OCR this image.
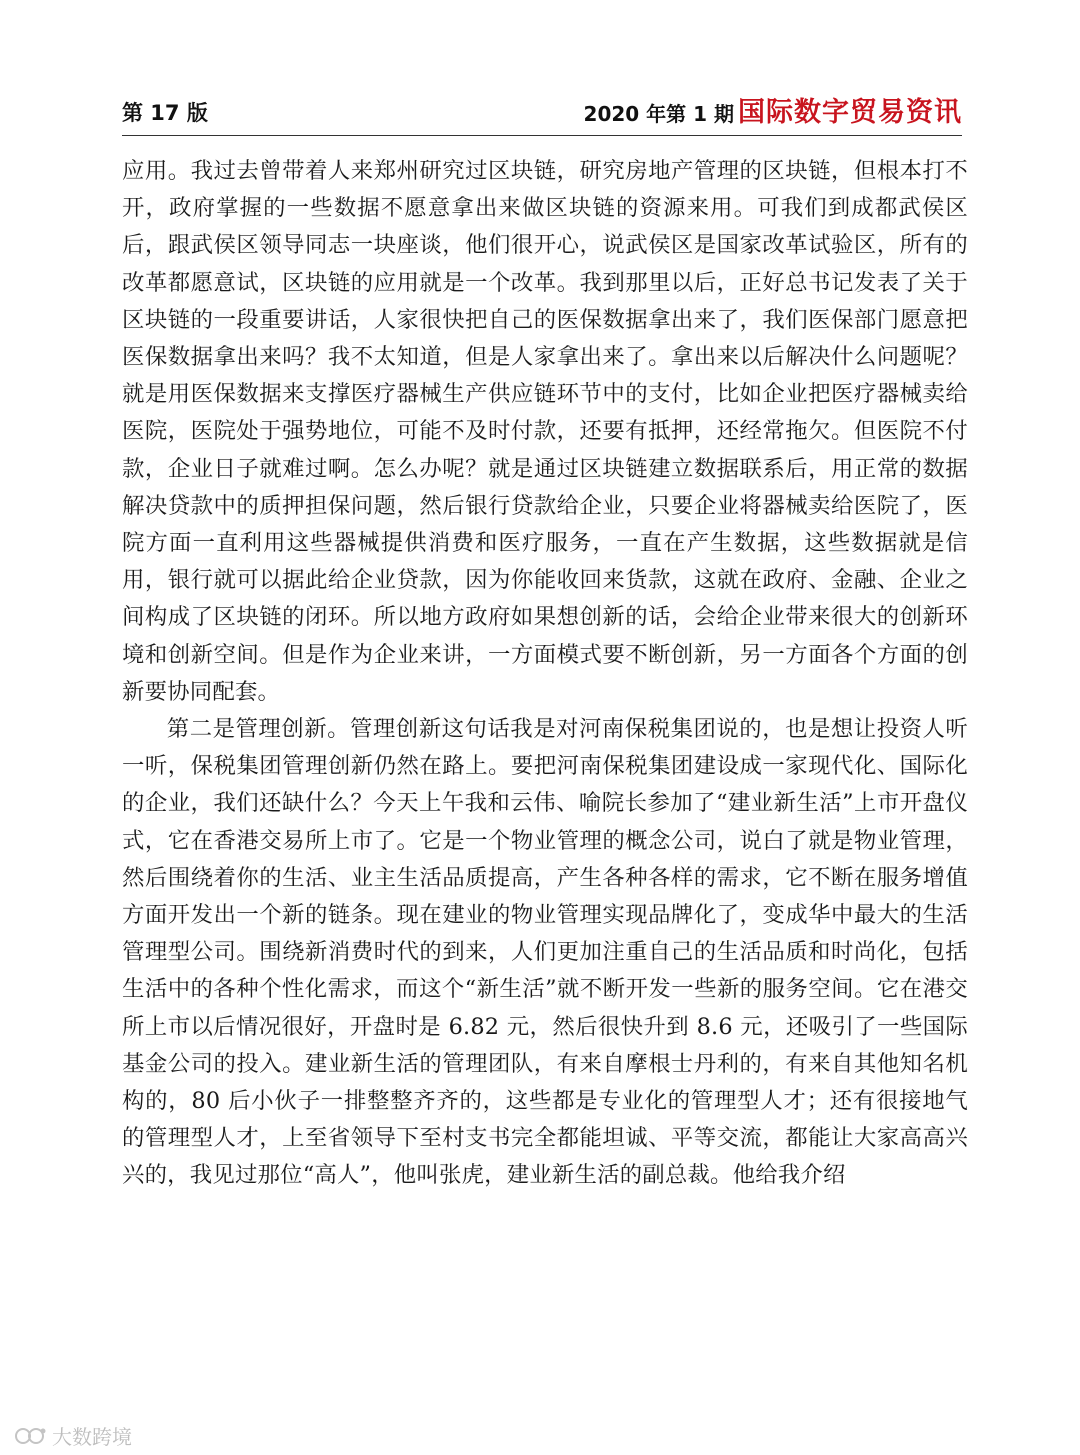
第 17 版	2020 年第 1 期 国际数字贸易资讯

应用。我过去曾带着人来郑州研究过区块链，研究房地产管理的区块链，但根本打不开，政府掌握的一些数据不愿意拿出来做区块链的资源来用。可我们到成都武侯区后，跟武侯区领导同志一块座谈，他们很开心，说武侯区是国家改革试验区，所有的改革都愿意试，区块链的应用就是一个改革。我到那里以后，正好总书记发表了关于区块链的一段重要讲话，人家很快把自己的医保数据拿出来了，我们医保部门愿意把医保数据拿出来吗？我不太知道，但是人家拿出来了。拿出来以后解决什么问题呢？就是用医保数据来支撑医疗器械生产供应链环节中的支付，比如企业把医疗器械卖给医院，医院处于强势地位，可能不及时付款，还要有抵押，还经常拖欠。但医院不付款，企业日子就难过啊。怎么办呢？就是通过区块链建立数据联系后，用正常的数据解决贷款中的质押担保问题，然后银行贷款给企业，只要企业将器械卖给医院了，医院方面一直利用这些器械提供消费和医疗服务，一直在产生数据，这些数据就是信用，银行就可以据此给企业贷款，因为你能收回来货款，这就在政府、金融、企业之间构成了区块链的闭环。所以地方政府如果想创新的话，会给企业带来很大的创新环境和创新空间。但是作为企业来讲，一方面模式要不断创新，另一方面各个方面的创新要协同配套。

第二是管理创新。管理创新这句话我是对河南保税集团说的，也是想让投资人听一听，保税集团管理创新仍然在路上。要把河南保税集团建设成一家现代化、国际化的企业，我们还缺什么？今天上午我和云伟、喻院长参加了“建业新生活”上市开盘仪式，它在香港交易所上市了。它是一个物业管理的概念公司，说白了就是物业管理，然后围绕着你的生活、业主生活品质提高，产生各种各样的需求，它不断在服务增值方面开发出一个新的链条。现在建业的物业管理实现品牌化了，变成华中最大的生活管理型公司。围绕新消费时代的到来，人们更加注重自己的生活品质和时尚化，包括生活中的各种个性化需求，而这个“新生活”就不断开发一些新的服务空间。它在港交所上市以后情况很好，开盘时是 6.82 元，然后很快升到 8.6 元，还吸引了一些国际基金公司的投入。建业新生活的管理团队，有来自摩根士丹利的，有来自其他知名机构的，80 后小伙子一排整整齐齐的，这些都是专业化的管理型人才；还有很接地气的管理型人才，上至省领导下至村支书完全都能坦诚、平等交流，都能让大家高高兴兴的，我见过那位“高人”，他叫张虎，建业新生活的副总裁。他给我介绍

大数跨境
